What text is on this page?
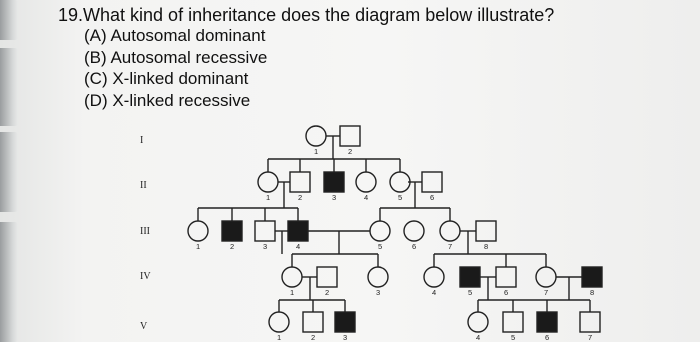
19.What kind of inheritance does the diagram below illustrate?

(A) Autosomal dominant
(B) Autosomal recessive
(C) X-linked dominant
(D) X-linked recessive
I
II
III
IV
V
1	2
1	2	3	4	5	6
1	2	3	4	5	6	7	8
1	2	3	4	5	6	7	8
1	2	3	4	5	6	7
